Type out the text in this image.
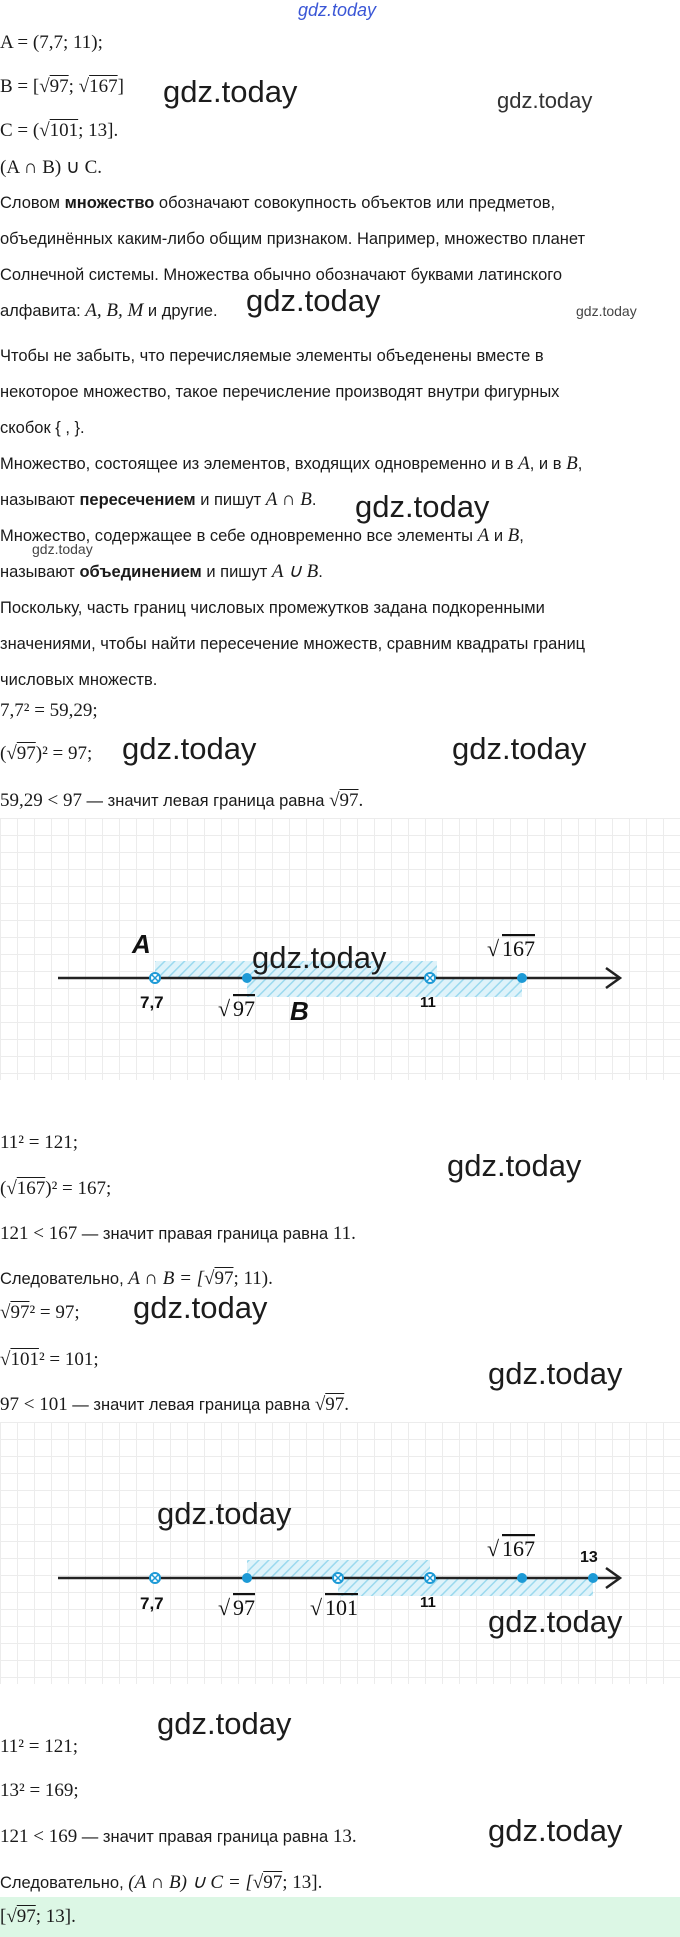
gdz.today
A = (7,7; 11);
B = [√97; √167]
C = (√101; 13].
(A ∩ B) ∪ C.
Словом множество обозначают совокупность объектов или предметов,
объединённых каким-либо общим признаком. Например, множество планет
Солнечной системы. Множества обычно обозначают буквами латинского
алфавита: A, B, M и другие.
Чтобы не забыть, что перечисляемые элементы объеденены вместе в
некоторое множество, такое перечисление производят внутри фигурных
скобок { , }.
Множество, состоящее из элементов, входящих одновременно и в A, и в B,
называют пересечением и пишут A ∩ B.
Множество, содержащее в себе одновременно все элементы A и B,
называют объединением и пишут A ∪ B.
Поскольку, часть границ числовых промежутков задана подкоренными
значениями, чтобы найти пересечение множеств, сравним квадраты границ
числовых множеств.
7,7² = 59,29;
(√97)² = 97;
59,29 < 97 — значит левая граница равна √97.
A
B
7,7 √ 97	11
√ 167
11² = 121;
(√167)² = 167;
121 < 167 — значит правая граница равна 11.
Следовательно, A ∩ B = [√97; 11).
√97² = 97;
√101² = 101;
97 < 101 — значит левая граница равна √97.
7,7 √ 97	√ 101	11
√ 167	13
11² = 121;
13² = 169;
121 < 169 — значит правая граница равна 13.
Следовательно, (A ∩ B) ∪ C = [√97; 13].
[√97; 13].
gdz.today	gdz.today
gdz.today	gdz.today
gdz.today
gdz.today
gdz.today	gdz.today
gdz.today
gdz.today
gdz.today
gdz.today
gdz.today
gdz.today
gdz.today
gdz.today
